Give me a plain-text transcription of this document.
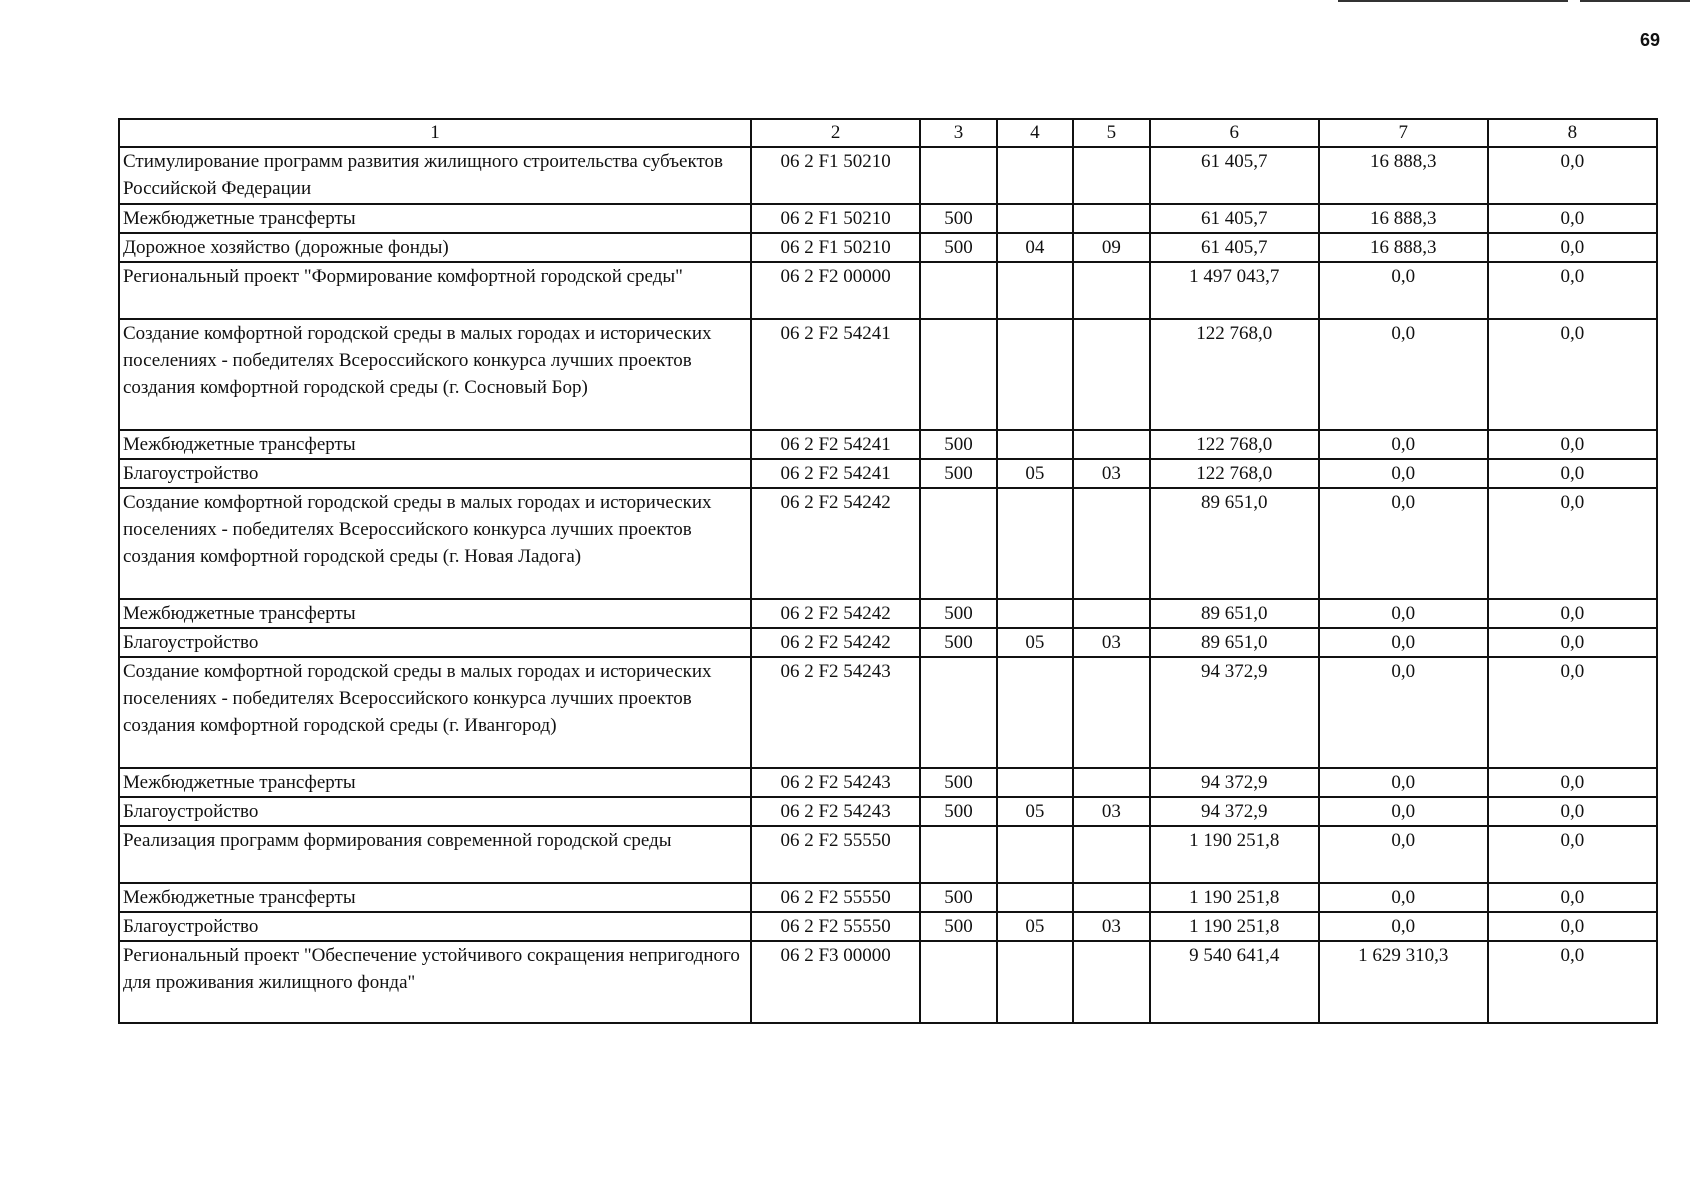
69
1	2	3	4	5	6	7	8
Стимулирование программ развития жилищного строительства субъектов Российской Федерации	06 2 F1 50210				61 405,7	16 888,3	0,0
Межбюджетные трансферты	06 2 F1 50210	500			61 405,7	16 888,3	0,0
Дорожное хозяйство (дорожные фонды)	06 2 F1 50210	500	04	09	61 405,7	16 888,3	0,0
Региональный проект "Формирование комфортной городской среды"	06 2 F2 00000				1 497 043,7	0,0	0,0
Создание комфортной городской среды в малых городах и исторических поселениях - победителях Всероссийского конкурса лучших проектов создания комфортной городской среды (г. Сосновый Бор)	06 2 F2 54241				122 768,0	0,0	0,0
Межбюджетные трансферты	06 2 F2 54241	500			122 768,0	0,0	0,0
Благоустройство	06 2 F2 54241	500	05	03	122 768,0	0,0	0,0
Создание комфортной городской среды в малых городах и исторических поселениях - победителях Всероссийского конкурса лучших проектов создания комфортной городской среды (г. Новая Ладога)	06 2 F2 54242				89 651,0	0,0	0,0
Межбюджетные трансферты	06 2 F2 54242	500			89 651,0	0,0	0,0
Благоустройство	06 2 F2 54242	500	05	03	89 651,0	0,0	0,0
Создание комфортной городской среды в малых городах и исторических поселениях - победителях Всероссийского конкурса лучших проектов создания комфортной городской среды (г. Ивангород)	06 2 F2 54243				94 372,9	0,0	0,0
Межбюджетные трансферты	06 2 F2 54243	500			94 372,9	0,0	0,0
Благоустройство	06 2 F2 54243	500	05	03	94 372,9	0,0	0,0
Реализация программ формирования современной городской среды	06 2 F2 55550				1 190 251,8	0,0	0,0
Межбюджетные трансферты	06 2 F2 55550	500			1 190 251,8	0,0	0,0
Благоустройство	06 2 F2 55550	500	05	03	1 190 251,8	0,0	0,0
Региональный проект "Обеспечение устойчивого сокращения непригодного для проживания жилищного фонда"	06 2 F3 00000				9 540 641,4	1 629 310,3	0,0
